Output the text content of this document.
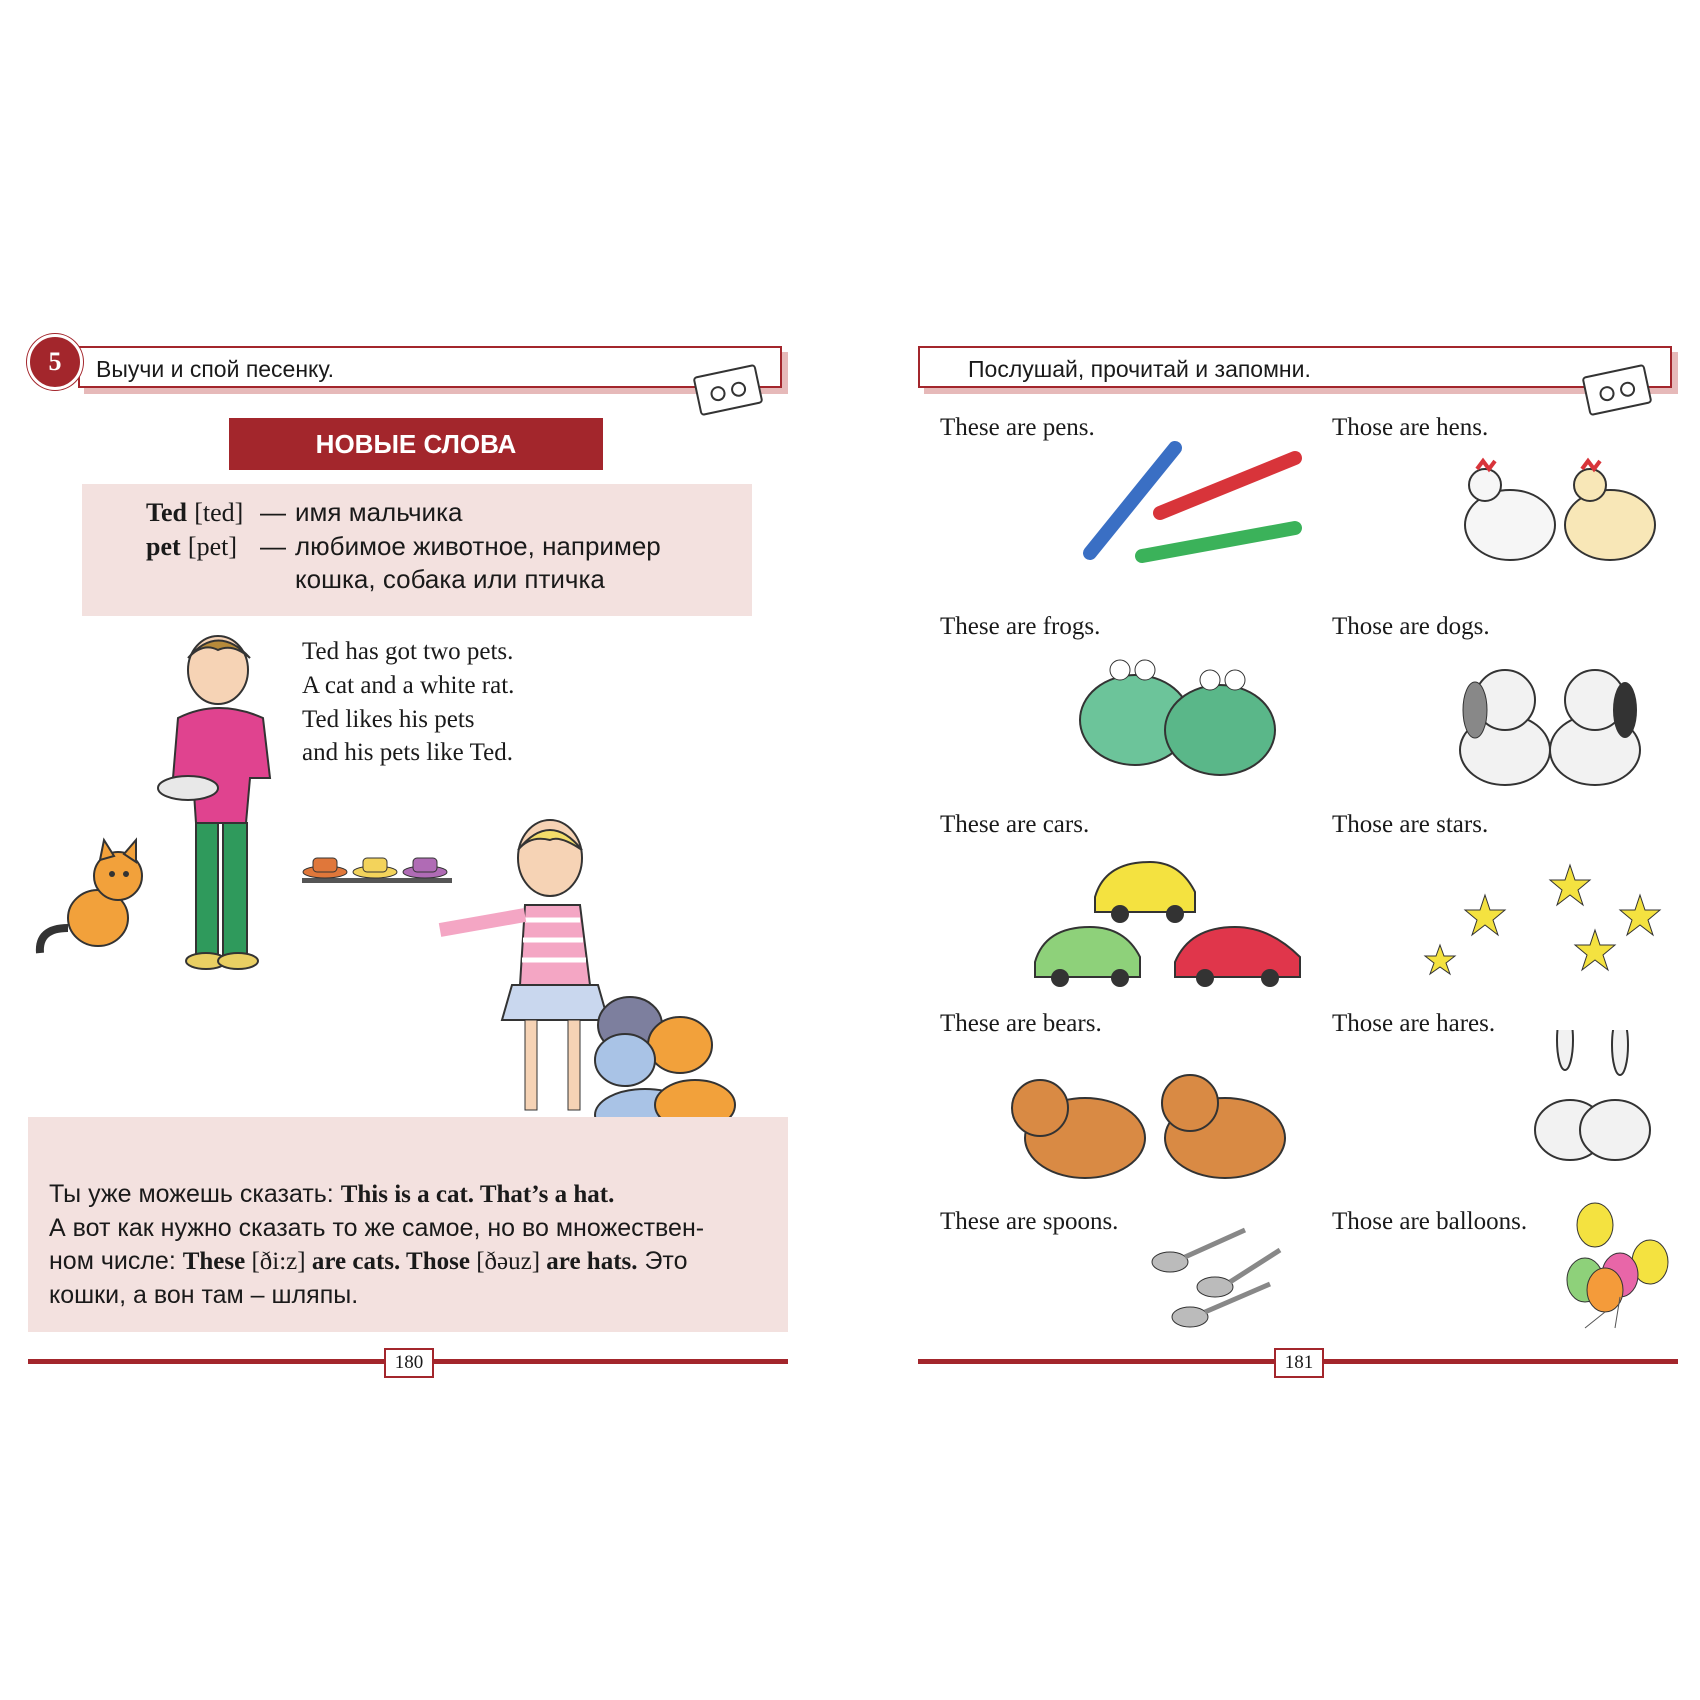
Выучи и спой песенку.
5
НОВЫЕ СЛОВА
Ted [ted] — имя мальчика
pet [pet] — любимое животное, например
кошка, собака или птичка
Ted has got two pets.
A cat and a white rat.
Ted likes his pets
and his pets like Ted.
Ты уже можешь сказать: This is a cat. That’s a hat.
А вот как нужно сказать то же самое, но во множествен-
ном числе: These [ði:z] are cats. Those [ðəuz] are hats. Это
кошки, а вон там – шляпы.
180
Послушай, прочитай и запомни.
These are pens.	Those are hens.
These are frogs.	Those are dogs.
These are cars.	Those are stars.
These are bears.	Those are hares.
These are spoons.	Those are balloons.
181
